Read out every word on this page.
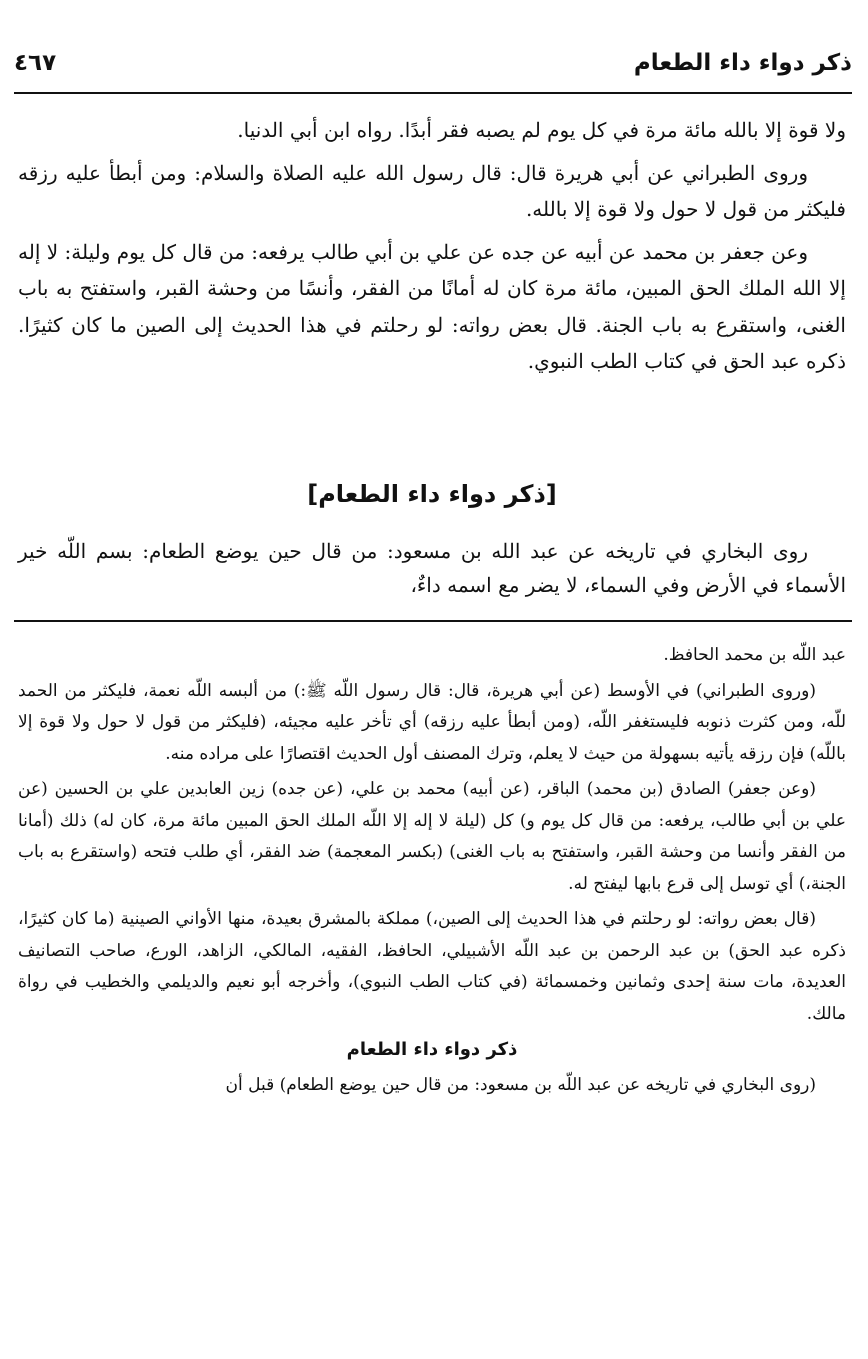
ذكر دواء داء الطعام
٤٦٧

ولا قوة إلا بالله مائة مرة في كل يوم لم يصبه فقر أبدًا. رواه ابن أبي الدنيا.

وروى الطبراني عن أبي هريرة قال: قال رسول الله عليه الصلاة والسلام: ومن أبطأ عليه رزقه فليكثر من قول لا حول ولا قوة إلا بالله.

وعن جعفر بن محمد عن أبيه عن جده عن علي بن أبي طالب يرفعه: من قال كل يوم وليلة: لا إله إلا الله الملك الحق المبين، مائة مرة كان له أمانًا من الفقر، وأنسًا من وحشة القبر، واستفتح به باب الغنى، واستقرع به باب الجنة. قال بعض رواته: لو رحلتم في هذا الحديث إلى الصين ما كان كثيرًا. ذكره عبد الحق في كتاب الطب النبوي.

[ذكر دواء داء الطعام]

روى البخاري في تاريخه عن عبد الله بن مسعود: من قال حين يوضع الطعام: بسم اللّه خير الأسماء في الأرض وفي السماء، لا يضر مع اسمه داءٌ،

عبد اللّه بن محمد الحافظ.

(وروى الطبراني) في الأوسط (عن أبي هريرة، قال: قال رسول اللّه ﷺ:) من ألبسه اللّه نعمة، فليكثر من الحمد للّه، ومن كثرت ذنوبه فليستغفر اللّه، (ومن أبطأ عليه رزقه) أي تأخر عليه مجيئه، (فليكثر من قول لا حول ولا قوة إلا باللّه) فإن رزقه يأتيه بسهولة من حيث لا يعلم، وترك المصنف أول الحديث اقتصارًا على مراده منه.

(وعن جعفر) الصادق (بن محمد) الباقر، (عن أبيه) محمد بن علي، (عن جده) زين العابدين علي بن الحسين (عن علي بن أبي طالب، يرفعه: من قال كل يوم و) كل (ليلة لا إله إلا اللّه الملك الحق المبين مائة مرة، كان له) ذلك (أمانا من الفقر وأنسا من وحشة القبر، واستفتح به باب الغنى) (بكسر المعجمة) ضد الفقر، أي طلب فتحه (واستقرع به باب الجنة،) أي توسل إلى قرع بابها ليفتح له.

(قال بعض رواته: لو رحلتم في هذا الحديث إلى الصين،) مملكة بالمشرق بعيدة، منها الأواني الصينية (ما كان كثيرًا، ذكره عبد الحق) بن عبد الرحمن بن عبد اللّه الأشبيلي، الحافظ، الفقيه، المالكي، الزاهد، الورع، صاحب التصانيف العديدة، مات سنة إحدى وثمانين وخمسمائة (في كتاب الطب النبوي)، وأخرجه أبو نعيم والديلمي والخطيب في رواة مالك.

ذكر دواء داء الطعام

(روى البخاري في تاريخه عن عبد اللّه بن مسعود: من قال حين يوضع الطعام) قبل أن
